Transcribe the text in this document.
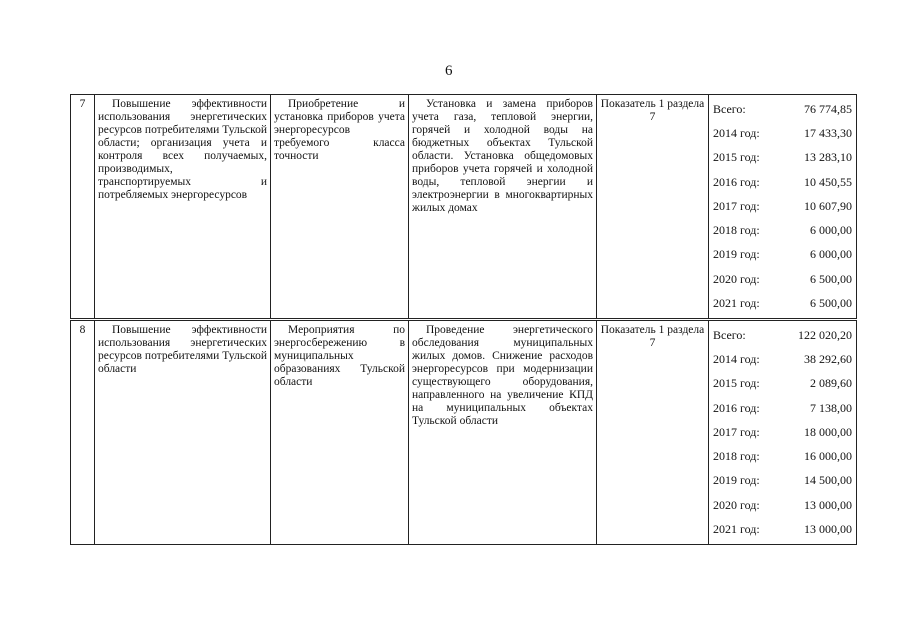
6
7	Повышение эффективности использования энергетических ресурсов потребителями Тульской области; организация учета и контроля всех получаемых, производимых, транспортируемых и потребляемых энергоресурсов	Приобретение и установка приборов учета энергоресурсов требуемого класса точности	Установка и замена приборов учета газа, тепловой энергии, горячей и холодной воды на бюджетных объектах Тульской области. Установка общедомовых приборов учета горячей и холодной воды, тепловой энергии и электроэнергии в многоквартирных жилых домах	Показатель 1 раздела 7	
Всего:	76 774,85
2014 год:	17 433,30
2015 год:	13 283,10
2016 год:	10 450,55
2017 год:	10 607,90
2018 год:	6 000,00
2019 год:	6 000,00
2020 год:	6 500,00
2021 год:	6 500,00
8	Повышение эффективности использования энергетических ресурсов потребителями Тульской области	Мероприятия по энергосбережению в муниципальных образованиях Тульской области	Проведение энергетического обследования муниципальных жилых домов. Снижение расходов энергоресурсов при модернизации существующего оборудования, направленного на увеличение КПД на муниципальных объектах Тульской области	Показатель 1 раздела 7	
Всего:	122 020,20
2014 год:	38 292,60
2015 год:	2 089,60
2016 год:	7 138,00
2017 год:	18 000,00
2018 год:	16 000,00
2019 год:	14 500,00
2020 год:	13 000,00
2021 год:	13 000,00
